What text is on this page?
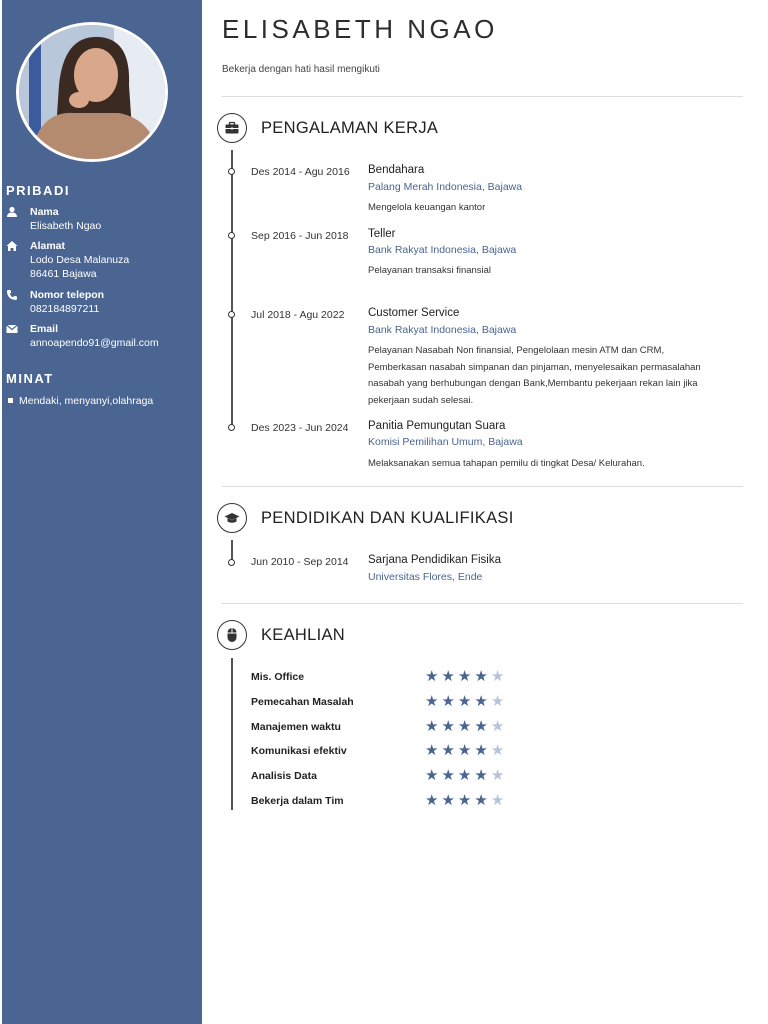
PRIBADI
Nama
Elisabeth Ngao
Alamat
Lodo Desa Malanuza
86461 Bajawa
Nomor telepon
082184897211
Email
annoapendo91@gmail.com
MINAT
Mendaki, menyanyi,olahraga
ELISABETH NGAO
Bekerja dengan hati hasil mengikuti
PENGALAMAN KERJA
Des 2014 - Agu 2016 Bendahara
Palang Merah Indonesia, Bajawa
Mengelola keuangan kantor
Sep 2016 - Jun 2018 Teller
Bank Rakyat Indonesia, Bajawa
Pelayanan transaksi finansial
Jul 2018 - Agu 2022 Customer Service
Bank Rakyat Indonesia, Bajawa
Pelayanan Nasabah Non finansial, Pengelolaan mesin ATM dan CRM, Pemberkasan nasabah simpanan dan pinjaman, menyelesaikan permasalahan nasabah yang berhubungan dengan Bank,Membantu pekerjaan rekan lain jika pekerjaan sudah selesai.
Des 2023 - Jun 2024 Panitia Pemungutan Suara
Komisi Pemilihan Umum, Bajawa
Melaksanakan semua tahapan pemilu di tingkat Desa/ Kelurahan.
PENDIDIKAN DAN KUALIFIKASI
Jun 2010 - Sep 2014 Sarjana Pendidikan Fisika
Universitas Flores, Ende
KEAHLIAN
Mis. Office	★★★★★
Pemecahan Masalah	★★★★★
Manajemen waktu	★★★★★
Komunikasi efektiv	★★★★★
Analisis Data	★★★★★
Bekerja dalam Tim	★★★★★
